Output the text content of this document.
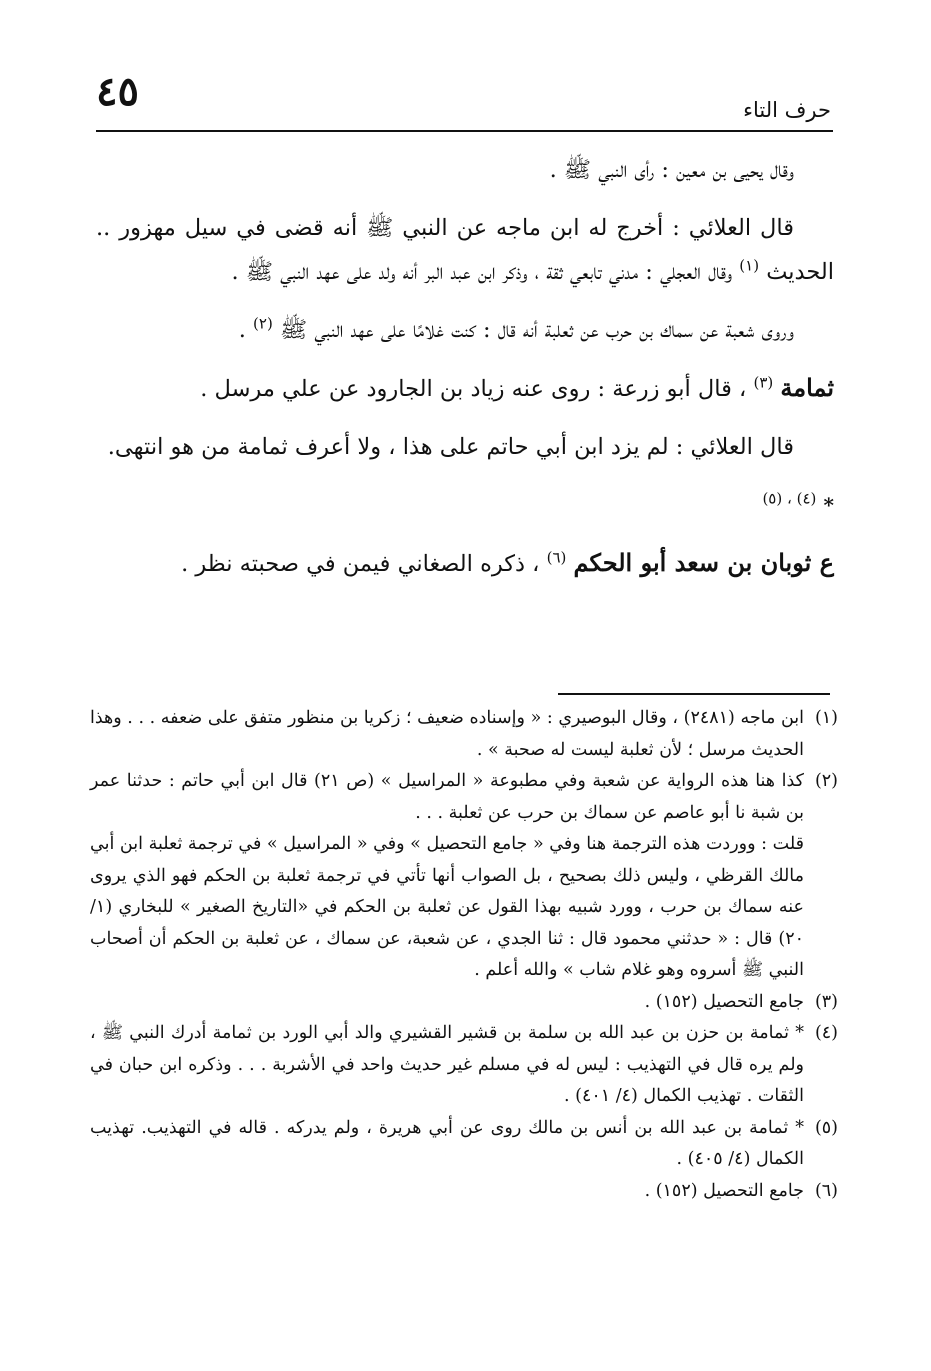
٤٥	حرف التاء

وقال يحيى بن معين : رأى النبي ﷺ .

قال العلائي : أخرج له ابن ماجه عن النبي ﷺ أنه قضى في سيل مهزور .. الحديث $^{(١)}$ وقال العجلي : مدني تابعي ثقة ، وذكر ابن عبد البر أنه ولد على عهد النبي ﷺ .

وروى شعبة عن سماك بن حرب عن ثعلبة أنه قال : كنت غلامًا على عهد النبي ﷺ $^{(٢)}$ .

ثمامة $^{(٣)}$ ، قال أبو زرعة : روى عنه زياد بن الجارود عن علي مرسل .

قال العلائي : لم يزد ابن أبي حاتم على هذا ، ولا أعرف ثمامة من هو انتهى.

* $^{(٤) ، (٥)}$

ع ثوبان بن سعد أبو الحكم $^{(٦)}$ ، ذكره الصغاني فيمن في صحبته نظر .

(١)
ابن ماجه (٢٤٨١) ، وقال البوصيري : « وإسناده ضعيف ؛ زكريا بن منظور متفق على ضعفه . . . وهذا الحديث مرسل ؛ لأن ثعلبة ليست له صحبة » .
(٢)
كذا هنا هذه الرواية عن شعبة وفي مطبوعة « المراسيل » (ص ٢١) قال ابن أبي حاتم : حدثنا عمر بن شبة نا أبو عاصم عن سماك بن حرب عن ثعلبة . . .
قلت : ووردت هذه الترجمة هنا وفي « جامع التحصيل » وفي « المراسيل » في ترجمة ثعلبة ابن أبي مالك القرظي ، وليس ذلك بصحيح ، بل الصواب أنها تأتي في ترجمة ثعلبة بن الحكم فهو الذي يروى عنه سماك بن حرب ، وورد شبيه بهذا القول عن ثعلبة بن الحكم في «التاريخ الصغير » للبخاري (١/ ٢٠) قال : « حدثني محمود قال : ثنا الجدي ، عن شعبة، عن سماك ، عن ثعلبة بن الحكم أن أصحاب النبي ﷺ أسروه وهو غلام شاب » والله أعلم .
(٣)
جامع التحصيل (١٥٢) .
(٤)
* ثمامة بن حزن بن عبد الله بن سلمة بن قشير القشيري والد أبي الورد بن ثمامة أدرك النبي ﷺ ، ولم يره قال في التهذيب : ليس له في مسلم غير حديث واحد في الأشربة . . . وذكره ابن حبان في الثقات . تهذيب الكمال (٤/ ٤٠١) .
(٥)
* ثمامة بن عبد الله بن أنس بن مالك روى عن أبي هريرة ، ولم يدركه . قاله في التهذيب. تهذيب الكمال (٤/ ٤٠٥) .
(٦)
جامع التحصيل (١٥٢) .
